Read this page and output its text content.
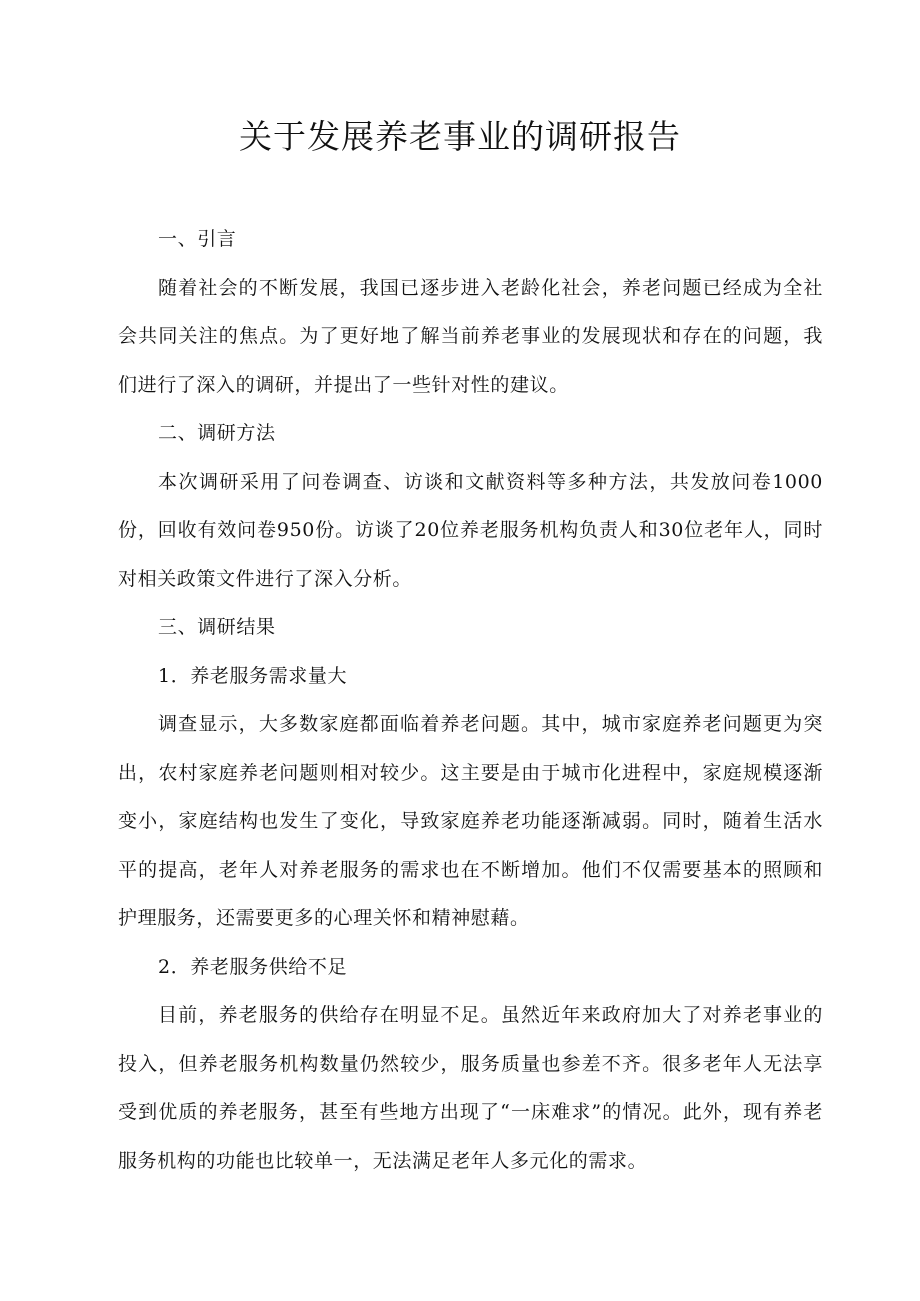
关于发展养老事业的调研报告

一、引言

随着社会的不断发展，我国已逐步进入老龄化社会，养老问题已经成为全社会共同关注的焦点。为了更好地了解当前养老事业的发展现状和存在的问题，我们进行了深入的调研，并提出了一些针对性的建议。

二、调研方法

本次调研采用了问卷调查、访谈和文献资料等多种方法，共发放问卷1000份，回收有效问卷950份。访谈了20位养老服务机构负责人和30位老年人，同时对相关政策文件进行了深入分析。

三、调研结果

1．养老服务需求量大

调查显示，大多数家庭都面临着养老问题。其中，城市家庭养老问题更为突出，农村家庭养老问题则相对较少。这主要是由于城市化进程中，家庭规模逐渐变小，家庭结构也发生了变化，导致家庭养老功能逐渐减弱。同时，随着生活水平的提高，老年人对养老服务的需求也在不断增加。他们不仅需要基本的照顾和护理服务，还需要更多的心理关怀和精神慰藉。

2．养老服务供给不足

目前，养老服务的供给存在明显不足。虽然近年来政府加大了对养老事业的投入，但养老服务机构数量仍然较少，服务质量也参差不齐。很多老年人无法享受到优质的养老服务，甚至有些地方出现了“一床难求”的情况。此外，现有养老服务机构的功能也比较单一，无法满足老年人多元化的需求。
